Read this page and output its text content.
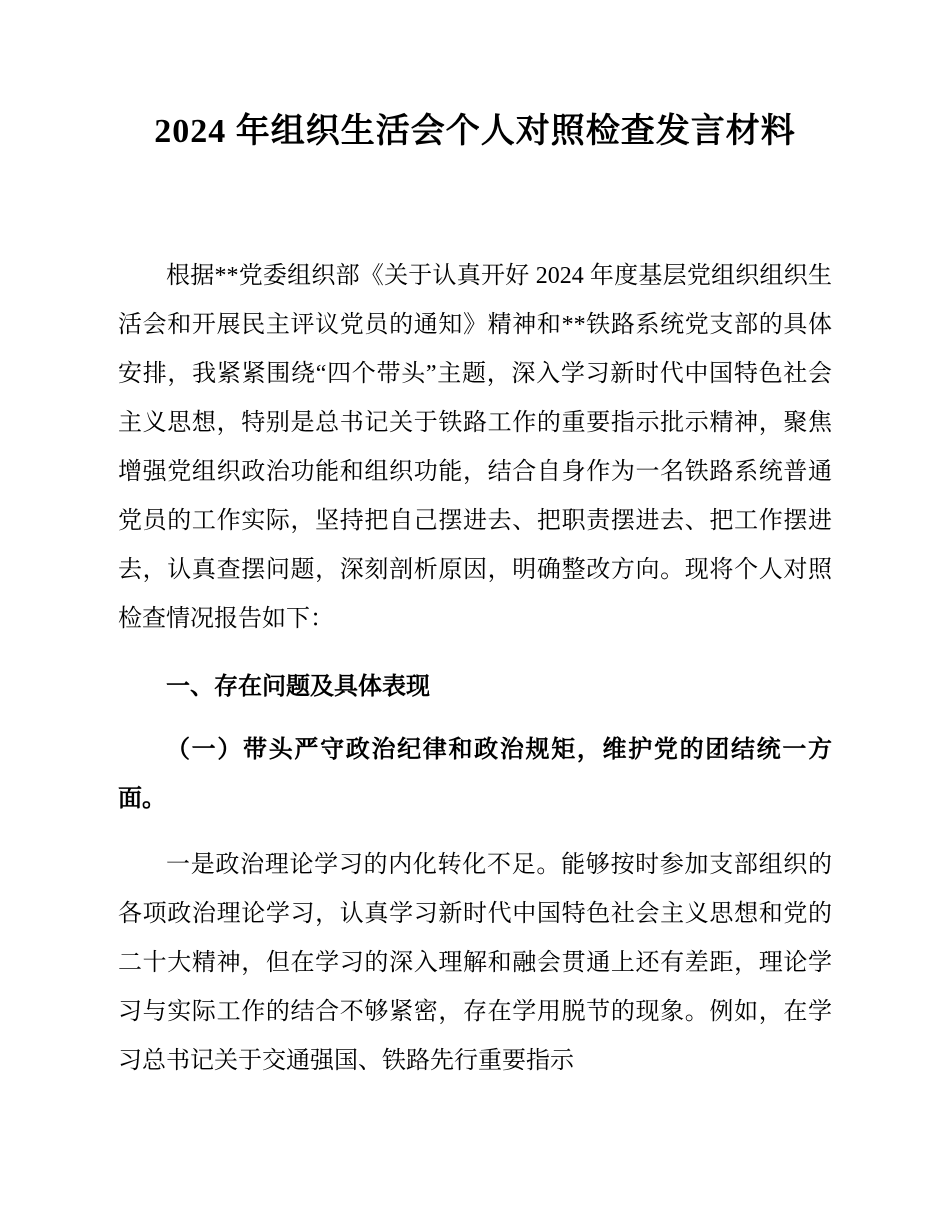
2024 年组织生活会个人对照检查发言材料

根据**党委组织部《关于认真开好 2024 年度基层党组织组织生活会和开展民主评议党员的通知》精神和**铁路系统党支部的具体安排，我紧紧围绕“四个带头”主题，深入学习新时代中国特色社会主义思想，特别是总书记关于铁路工作的重要指示批示精神，聚焦增强党组织政治功能和组织功能，结合自身作为一名铁路系统普通党员的工作实际，坚持把自己摆进去、把职责摆进去、把工作摆进去，认真查摆问题，深刻剖析原因，明确整改方向。现将个人对照检查情况报告如下：

一、存在问题及具体表现
（一）带头严守政治纪律和政治规矩，维护党的团结统一方面。

一是政治理论学习的内化转化不足。能够按时参加支部组织的各项政治理论学习，认真学习新时代中国特色社会主义思想和党的二十大精神，但在学习的深入理解和融会贯通上还有差距，理论学习与实际工作的结合不够紧密，存在学用脱节的现象。例如，在学习总书记关于交通强国、铁路先行重要指示
